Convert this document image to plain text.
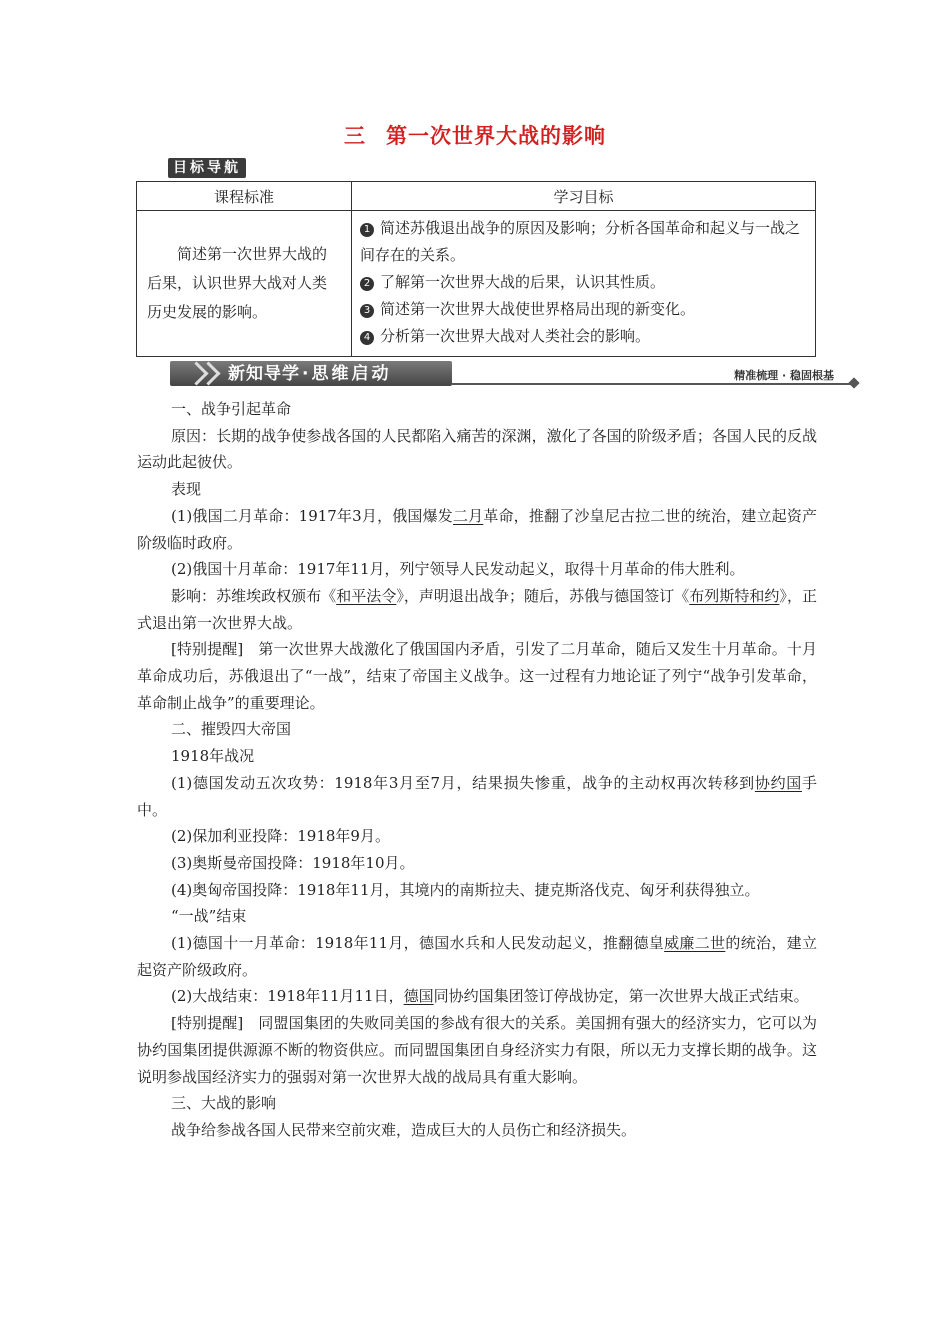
三 第一次世界大战的影响
目标导航
课程标准	学习目标
简述第一次世界大战的后果，认识世界大战对人类历史发展的影响。	1 简述苏俄退出战争的原因及影响；分析各国革命和起义与一战之间存在的关系。
2 了解第一次世界大战的后果，认识其性质。
3 简述第一次世界大战使世界格局出现的新变化。
4 分析第一次世界大战对人类社会的影响。
新知导学 · 思维启动	精准梳理 · 稳固根基

一、战争引起革命

原因：长期的战争使参战各国的人民都陷入痛苦的深渊，激化了各国的阶级矛盾；各国人民的反战运动此起彼伏。

表现

(1)俄国二月革命：1917年3月，俄国爆发二月革命，推翻了沙皇尼古拉二世的统治，建立起资产阶级临时政府。

(2)俄国十月革命：1917年11月，列宁领导人民发动起义，取得十月革命的伟大胜利。

影响：苏维埃政权颁布《和平法令》，声明退出战争；随后，苏俄与德国签订《布列斯特和约》，正式退出第一次世界大战。

[特别提醒]　第一次世界大战激化了俄国国内矛盾，引发了二月革命，随后又发生十月革命。十月革命成功后，苏俄退出了“一战”，结束了帝国主义战争。这一过程有力地论证了列宁“战争引发革命，革命制止战争”的重要理论。

二、摧毁四大帝国

1918年战况

(1)德国发动五次攻势：1918年3月至7月，结果损失惨重，战争的主动权再次转移到协约国手中。

(2)保加利亚投降：1918年9月。

(3)奥斯曼帝国投降：1918年10月。

(4)奥匈帝国投降：1918年11月，其境内的南斯拉夫、捷克斯洛伐克、匈牙利获得独立。

“一战”结束

(1)德国十一月革命：1918年11月，德国水兵和人民发动起义，推翻德皇威廉二世的统治，建立起资产阶级政府。

(2)大战结束：1918年11月11日，德国同协约国集团签订停战协定，第一次世界大战正式结束。

[特别提醒]　同盟国集团的失败同美国的参战有很大的关系。美国拥有强大的经济实力，它可以为协约国集团提供源源不断的物资供应。而同盟国集团自身经济实力有限，所以无力支撑长期的战争。这说明参战国经济实力的强弱对第一次世界大战的战局具有重大影响。

三、大战的影响

战争给参战各国人民带来空前灾难，造成巨大的人员伤亡和经济损失。
